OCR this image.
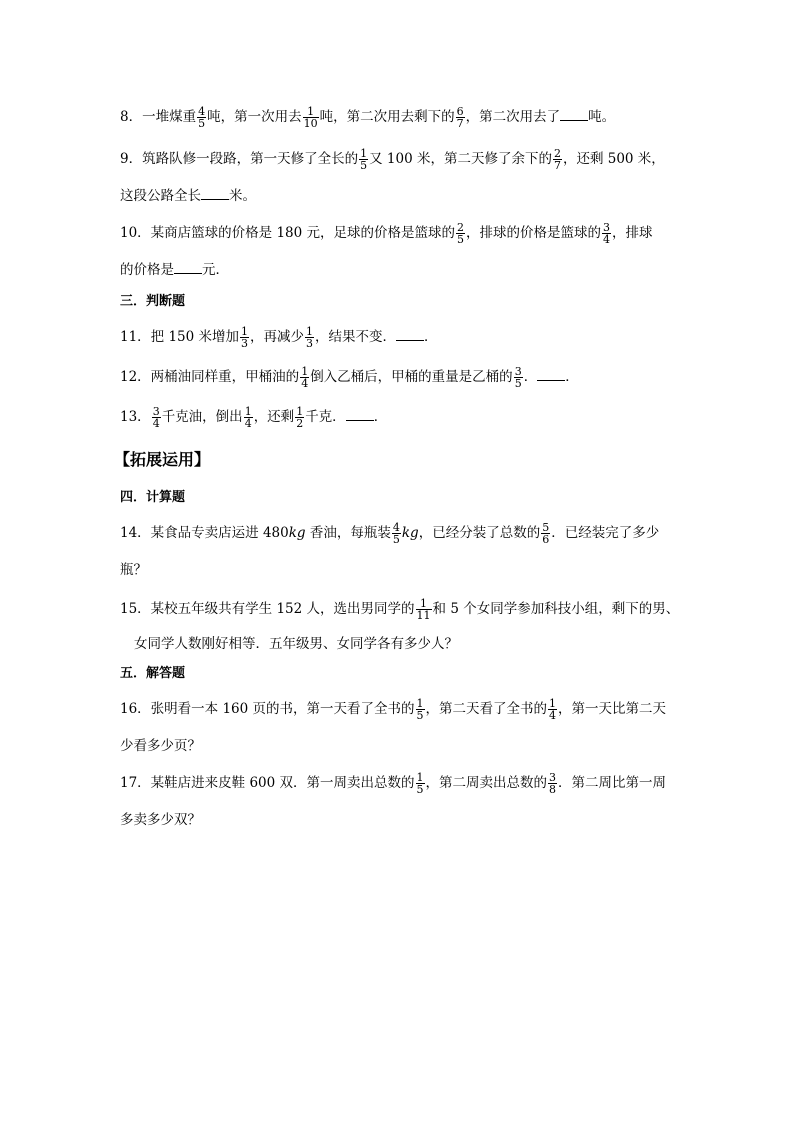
8．一堆煤重 $\frac{4}{5}$ 吨，第一次用去 $\frac{1}{10}$ 吨，第二次用去剩下的 $\frac{6}{7}$ ，第二次用去了 吨。
9．筑路队修一段路，第一天修了全长的 $\frac{1}{5}$ 又 100 米，第二天修了余下的 $\frac{2}{7}$ ，还剩 500 米，
这段公路全长 米。
10．某商店篮球的价格是 180 元，足球的价格是篮球的 $\frac{2}{5}$ ，排球的价格是篮球的 $\frac{3}{4}$ ，排球
的价格是 元．
三．判断题
11．把 150 米增加 $\frac{1}{3}$ ，再减少 $\frac{1}{3}$ ，结果不变． ．
12．两桶油同样重，甲桶油的 $\frac{1}{4}$ 倒入乙桶后，甲桶的重量是乙桶的 $\frac{3}{5}$ ． ．
13． $\frac{3}{4}$ 千克油，倒出 $\frac{1}{4}$ ，还剩 $\frac{1}{2}$ 千克． ．
【拓展运用】
四．计算题
14．某食品专卖店运进 480kg 香油，每瓶装 $\frac{4}{5}$ kg，已经分装了总数的 $\frac{5}{6}$ ．已经装完了多少
瓶？
15．某校五年级共有学生 152 人，选出男同学的 $\frac{1}{11}$ 和 5 个女同学参加科技小组，剩下的男、
女同学人数刚好相等．五年级男、女同学各有多少人？
五．解答题
16．张明看一本 160 页的书，第一天看了全书的 $\frac{1}{5}$ ，第二天看了全书的 $\frac{1}{4}$ ，第一天比第二天
少看多少页？
17．某鞋店进来皮鞋 600 双．第一周卖出总数的 $\frac{1}{5}$ ，第二周卖出总数的 $\frac{3}{8}$ ．第二周比第一周
多卖多少双？
